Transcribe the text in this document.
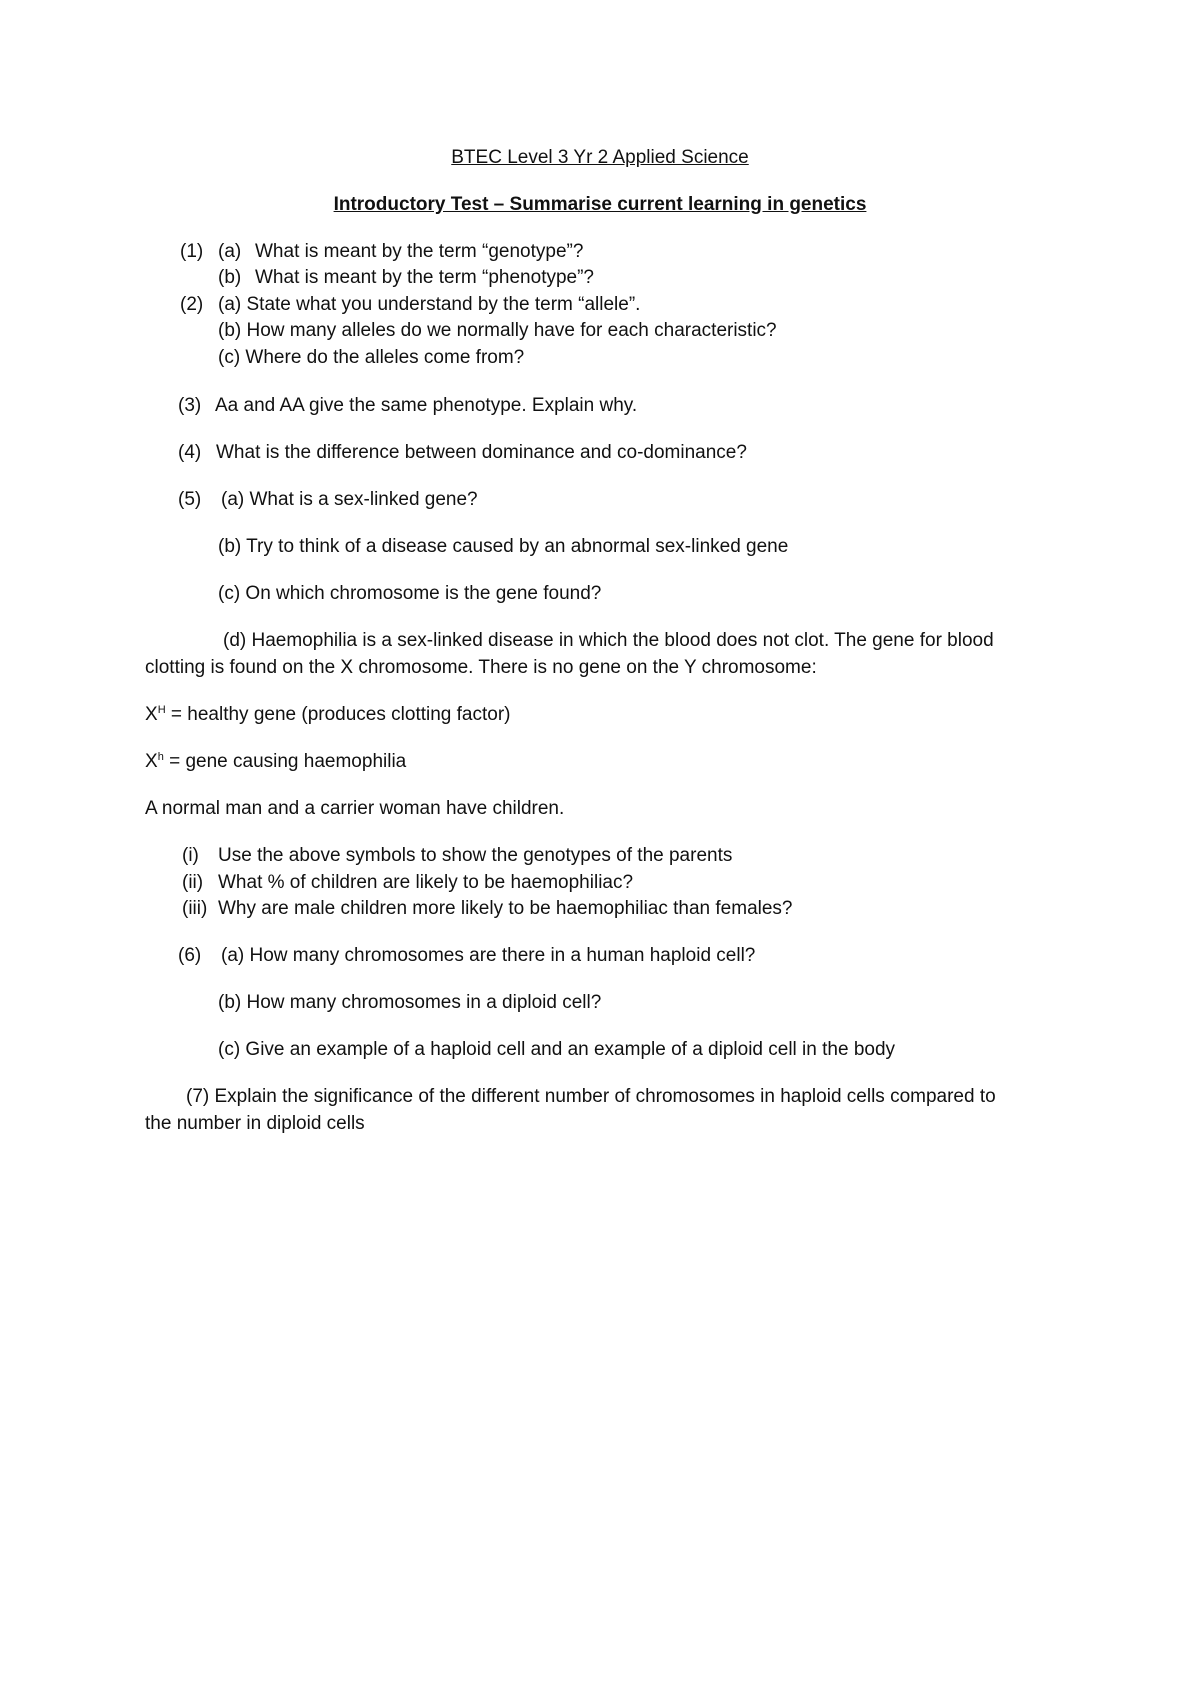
BTEC Level 3 Yr 2 Applied Science
Introductory Test – Summarise current learning in genetics
(1) (a) What is meant by the term “genotype”?
(b) What is meant by the term “phenotype”?
(2) (a) State what you understand by the term “allele”.
(b) How many alleles do we normally have for each characteristic?
(c) Where do the alleles come from?
(3) Aa and AA give the same phenotype. Explain why.
(4) What is the difference between dominance and co-dominance?
(5) (a) What is a sex-linked gene?
(b) Try to think of a disease caused by an abnormal sex-linked gene
(c) On which chromosome is the gene found?
(d) Haemophilia is a sex-linked disease in which the blood does not clot. The gene for blood
clotting is found on the X chromosome. There is no gene on the Y chromosome:
$X^H$ = healthy gene (produces clotting factor)
$X^h$ = gene causing haemophilia
A normal man and a carrier woman have children.
(i) Use the above symbols to show the genotypes of the parents
(ii) What % of children are likely to be haemophiliac?
(iii) Why are male children more likely to be haemophiliac than females?
(6) (a) How many chromosomes are there in a human haploid cell?
(b) How many chromosomes in a diploid cell?
(c) Give an example of a haploid cell and an example of a diploid cell in the body
(7) Explain the significance of the different number of chromosomes in haploid cells compared to
the number in diploid cells
